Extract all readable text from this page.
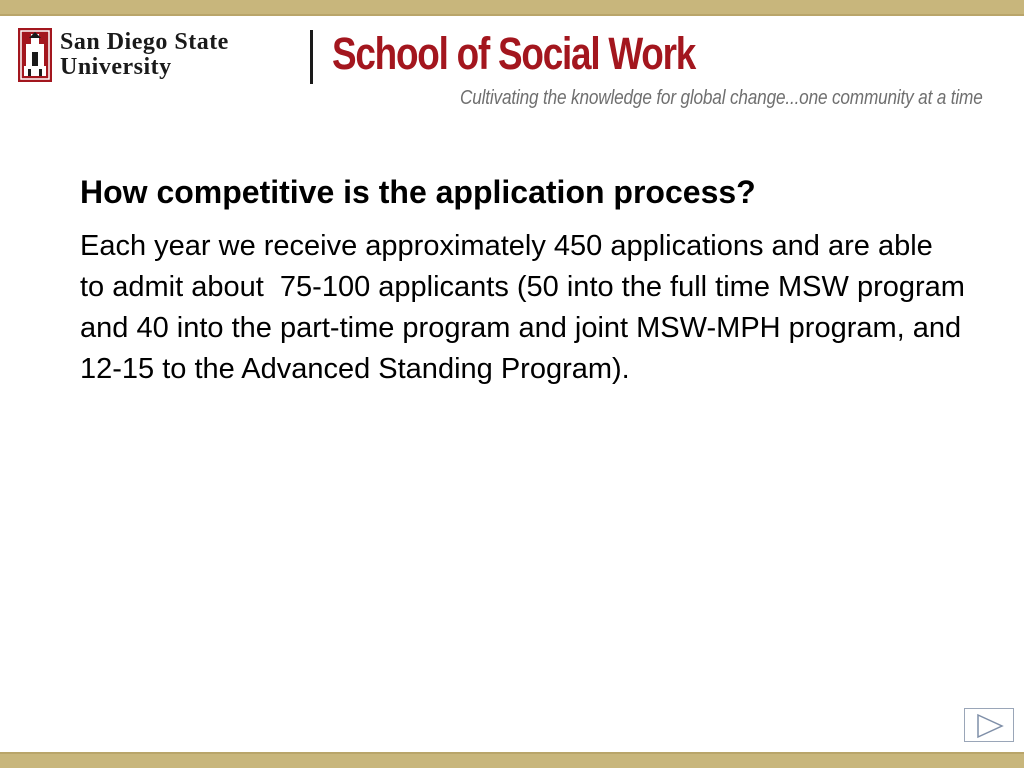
San Diego State
University	School of Social Work
Cultivating the knowledge for global change...one community at a time
How competitive is the application process?

Each year we receive approximately 450 applications and are able to admit about  75-100 applicants (50 into the full time MSW program and 40 into the part-time program and joint MSW-MPH program, and 12-15 to the Advanced Standing Program).
